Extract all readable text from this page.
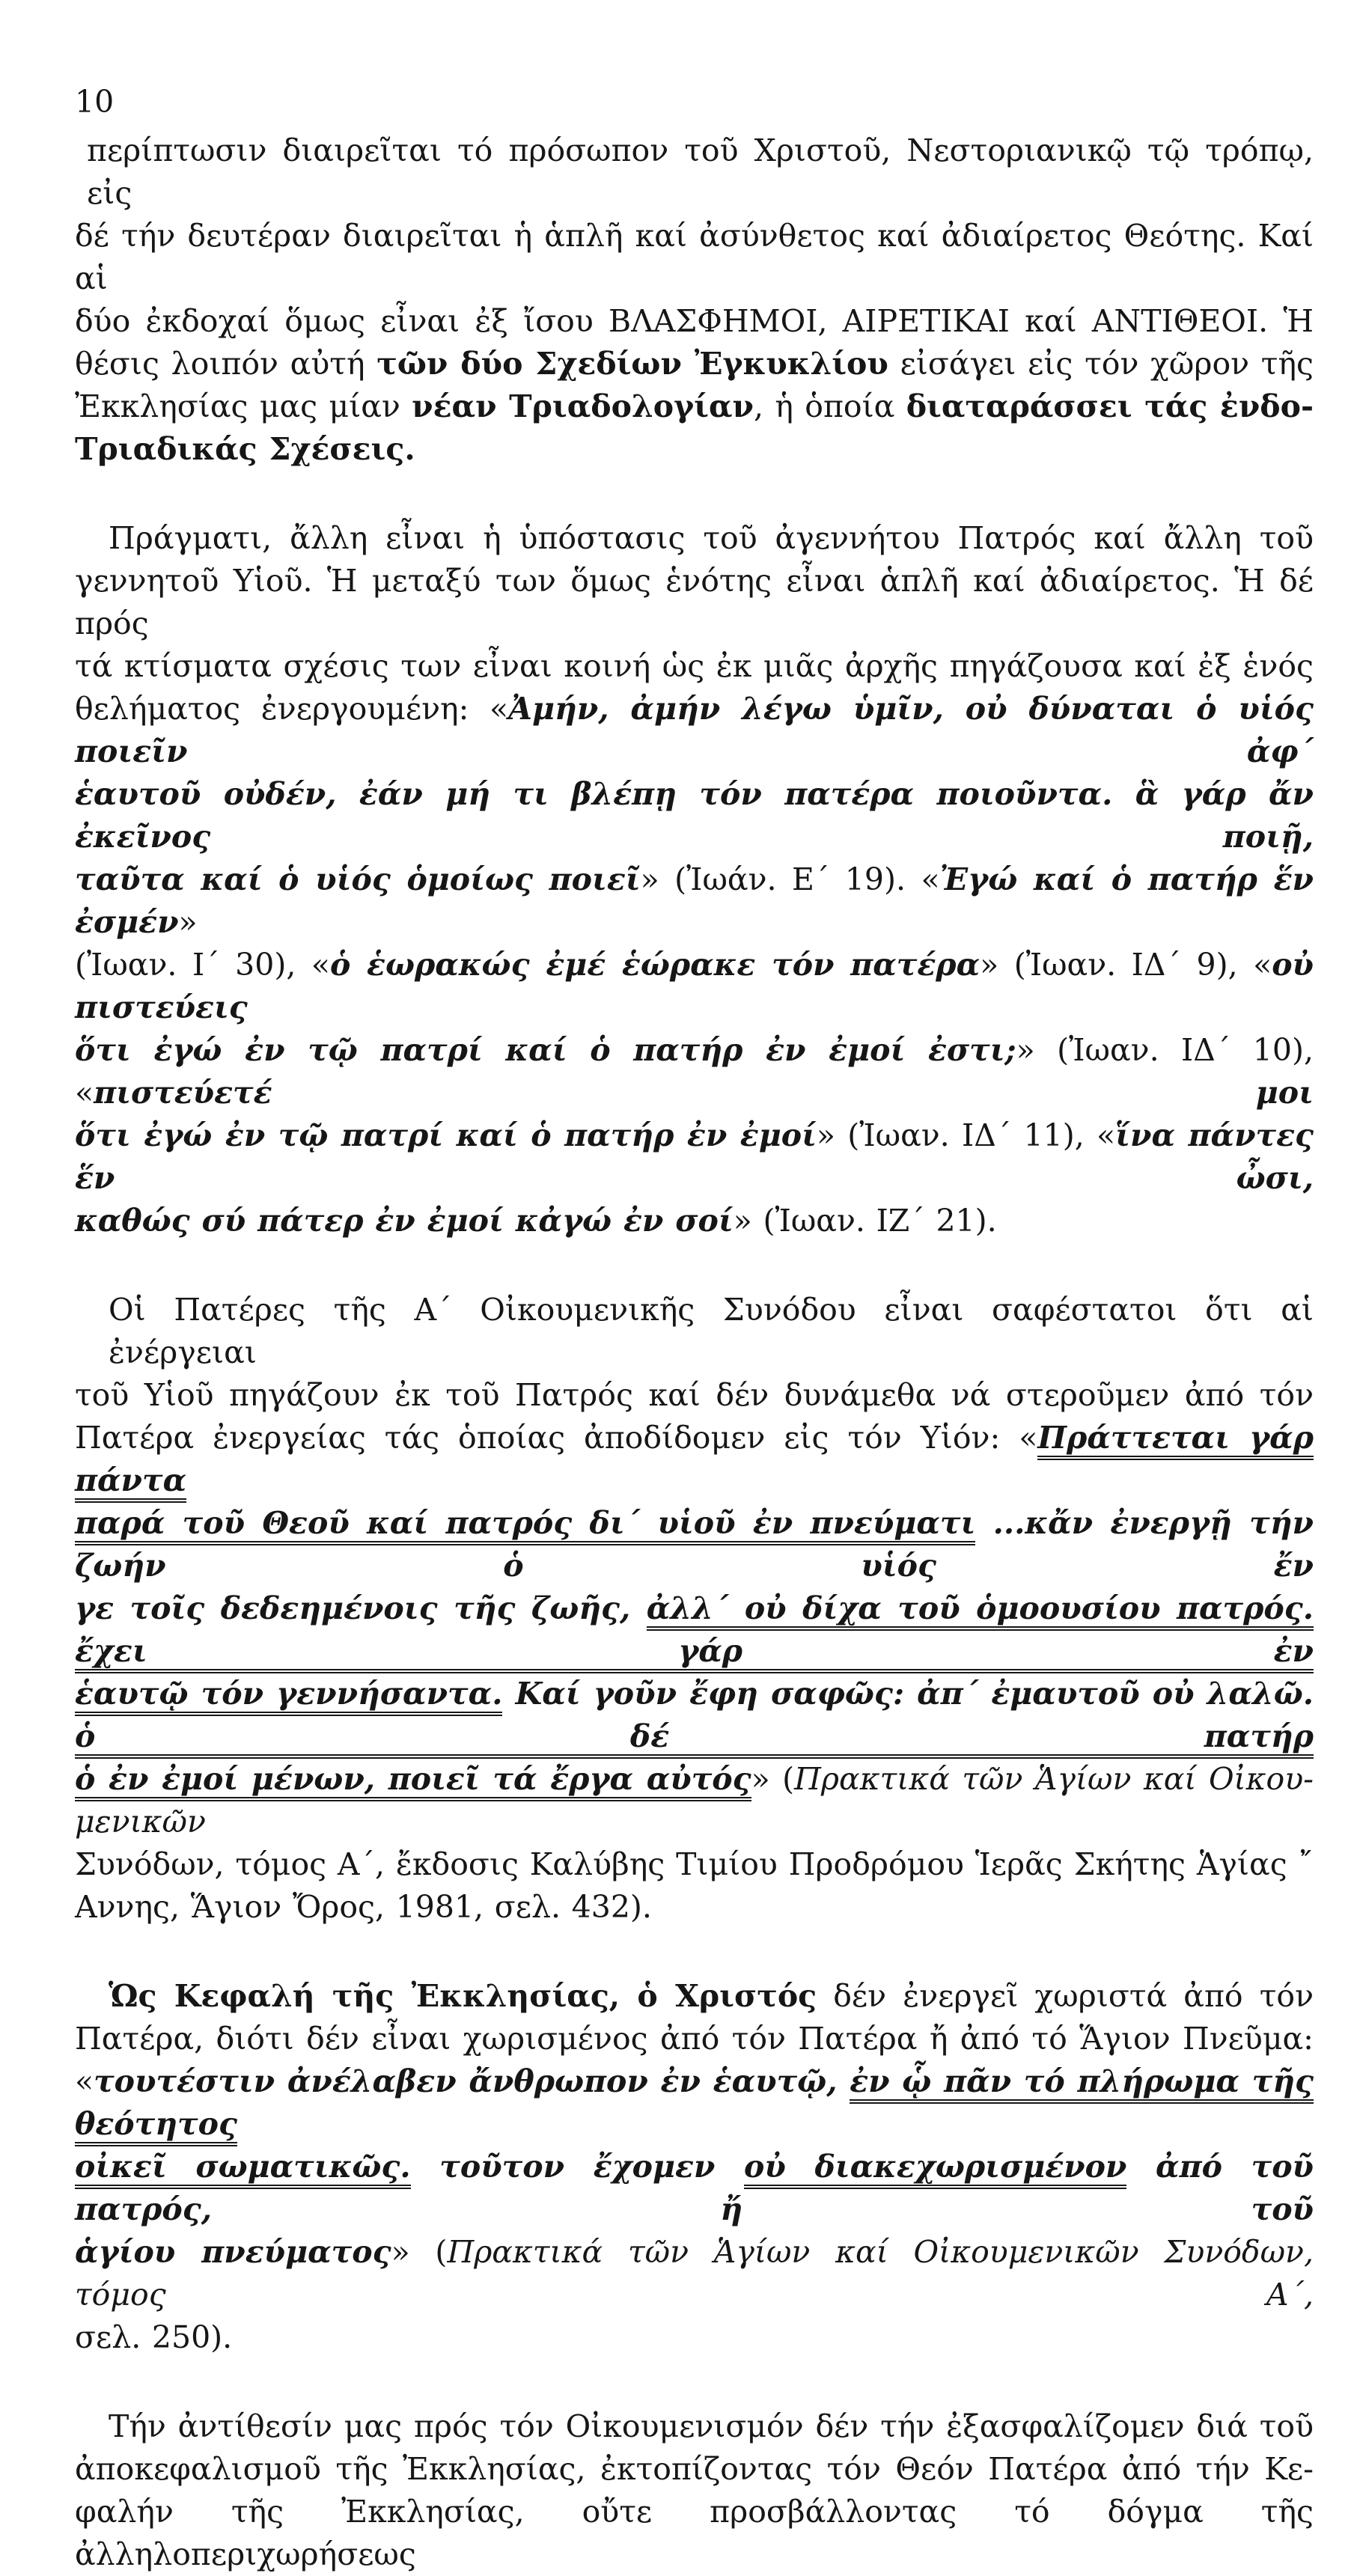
10
περίπτωσιν διαιρεῖται τό πρόσωπον τοῦ Χριστοῦ, Νεστοριανικῷ τῷ τρόπῳ, εἰς
δέ τήν δευτέραν διαιρεῖται ἡ ἁπλῆ καί ἀσύνθετος καί ἀδιαίρετος Θεότης. Καί αἱ
δύο ἐκδοχαί ὅμως εἶναι ἐξ ἴσου ΒΛΑΣΦΗΜΟΙ, ΑΙΡΕΤΙΚΑΙ καί ΑΝΤΙΘΕΟΙ. Ἡ
θέσις λοιπόν αὐτή τῶν δύο Σχεδίων Ἐγκυκλίου εἰσάγει εἰς τόν χῶρον τῆς
Ἐκκλησίας μας μίαν νέαν Τριαδολογίαν, ἡ ὁποία διαταράσσει τάς ἐνδο-
Τριαδικάς Σχέσεις.
Πράγματι, ἄλλη εἶναι ἡ ὑπόστασις τοῦ ἀγεννήτου Πατρός καί ἄλλη τοῦ
γεννητοῦ Υἱοῦ. Ἡ μεταξύ των ὅμως ἑνότης εἶναι ἁπλῆ καί ἀδιαίρετος. Ἡ δέ πρός
τά κτίσματα σχέσις των εἶναι κοινή ὡς ἐκ μιᾶς ἀρχῆς πηγάζουσα καί ἐξ ἑνός
θελήματος ἐνεργουμένη: «Ἀμήν, ἀμήν λέγω ὑμῖν, οὐ δύναται ὁ υἱός ποιεῖν ἀφ´
ἑαυτοῦ οὐδέν, ἐάν μή τι βλέπῃ τόν πατέρα ποιοῦντα. ἃ γάρ ἄν ἐκεῖνος ποιῇ,
ταῦτα καί ὁ υἱός ὁμοίως ποιεῖ» (Ἰωάν. Ε΄ 19). «Ἐγώ καί ὁ πατήρ ἕν ἐσμέν»
(Ἰωαν. Ι΄ 30), «ὁ ἑωρακώς ἐμέ ἑώρακε τόν πατέρα» (Ἰωαν. ΙΔ΄ 9), «οὐ πιστεύεις
ὅτι ἐγώ ἐν τῷ πατρί καί ὁ πατήρ ἐν ἐμοί ἐστι;» (Ἰωαν. ΙΔ΄ 10), «πιστεύετέ μοι
ὅτι ἐγώ ἐν τῷ πατρί καί ὁ πατήρ ἐν ἐμοί» (Ἰωαν. ΙΔ΄ 11), «ἵνα πάντες ἕν ὦσι,
καθώς σύ πάτερ ἐν ἐμοί κἀγώ ἐν σοί» (Ἰωαν. ΙΖ΄ 21).
Οἱ Πατέρες τῆς Α΄ Οἰκουμενικῆς Συνόδου εἶναι σαφέστατοι ὅτι αἱ ἐνέργειαι
τοῦ Υἱοῦ πηγάζουν ἐκ τοῦ Πατρός καί δέν δυνάμεθα νά στεροῦμεν ἀπό τόν
Πατέρα ἐνεργείας τάς ὁποίας ἀποδίδομεν εἰς τόν Υἱόν: «Πράττεται γάρ πάντα
παρά τοῦ Θεοῦ καί πατρός δι´ υἱοῦ ἐν πνεύματι ...κἄν ἐνεργῇ τήν ζωήν ὁ υἱός ἔν
γε τοῖς δεδεημένοις τῆς ζωῆς, ἀλλ´ οὐ δίχα τοῦ ὁμοουσίου πατρός. ἔχει γάρ ἐν
ἑαυτῷ τόν γεννήσαντα. Καί γοῦν ἔφη σαφῶς: ἀπ´ ἐμαυτοῦ οὐ λαλῶ. ὁ δέ πατήρ
ὁ ἐν ἐμοί μένων, ποιεῖ τά ἔργα αὐτός» (Πρακτικά τῶν Ἁγίων καί Οἰκου-μενικῶν
Συνόδων, τόμος Α΄, ἔκδοσις Καλύβης Τιμίου Προδρόμου Ἱερᾶς Σκήτης Ἁγίας ῎
Αννης, Ἅγιον Ὄρος, 1981, σελ. 432).
Ὡς Κεφαλή τῆς Ἐκκλησίας, ὁ Χριστός δέν ἐνεργεῖ χωριστά ἀπό τόν
Πατέρα, διότι δέν εἶναι χωρισμένος ἀπό τόν Πατέρα ἤ ἀπό τό Ἅγιον Πνεῦμα:
«τουτέστιν ἀνέλαβεν ἄνθρωπον ἐν ἑαυτῷ, ἐν ᾧ πᾶν τό πλήρωμα τῆς θεότητος
οἰκεῖ σωματικῶς. τοῦτον ἔχομεν οὐ διακεχωρισμένον ἀπό τοῦ πατρός, ἤ τοῦ
ἁγίου πνεύματος» (Πρακτικά τῶν Ἁγίων καί Οἰκουμενικῶν Συνόδων, τόμος Α΄,
σελ. 250).
Τήν ἀντίθεσίν μας πρός τόν Οἰκουμενισμόν δέν τήν ἐξασφαλίζομεν διά τοῦ
ἀποκεφαλισμοῦ τῆς Ἐκκλησίας, ἐκτοπίζοντας τόν Θεόν Πατέρα ἀπό τήν Κε-
φαλήν τῆς Ἐκκλησίας, οὔτε προσβάλλοντας τό δόγμα τῆς ἀλληλοπεριχωρήσεως
